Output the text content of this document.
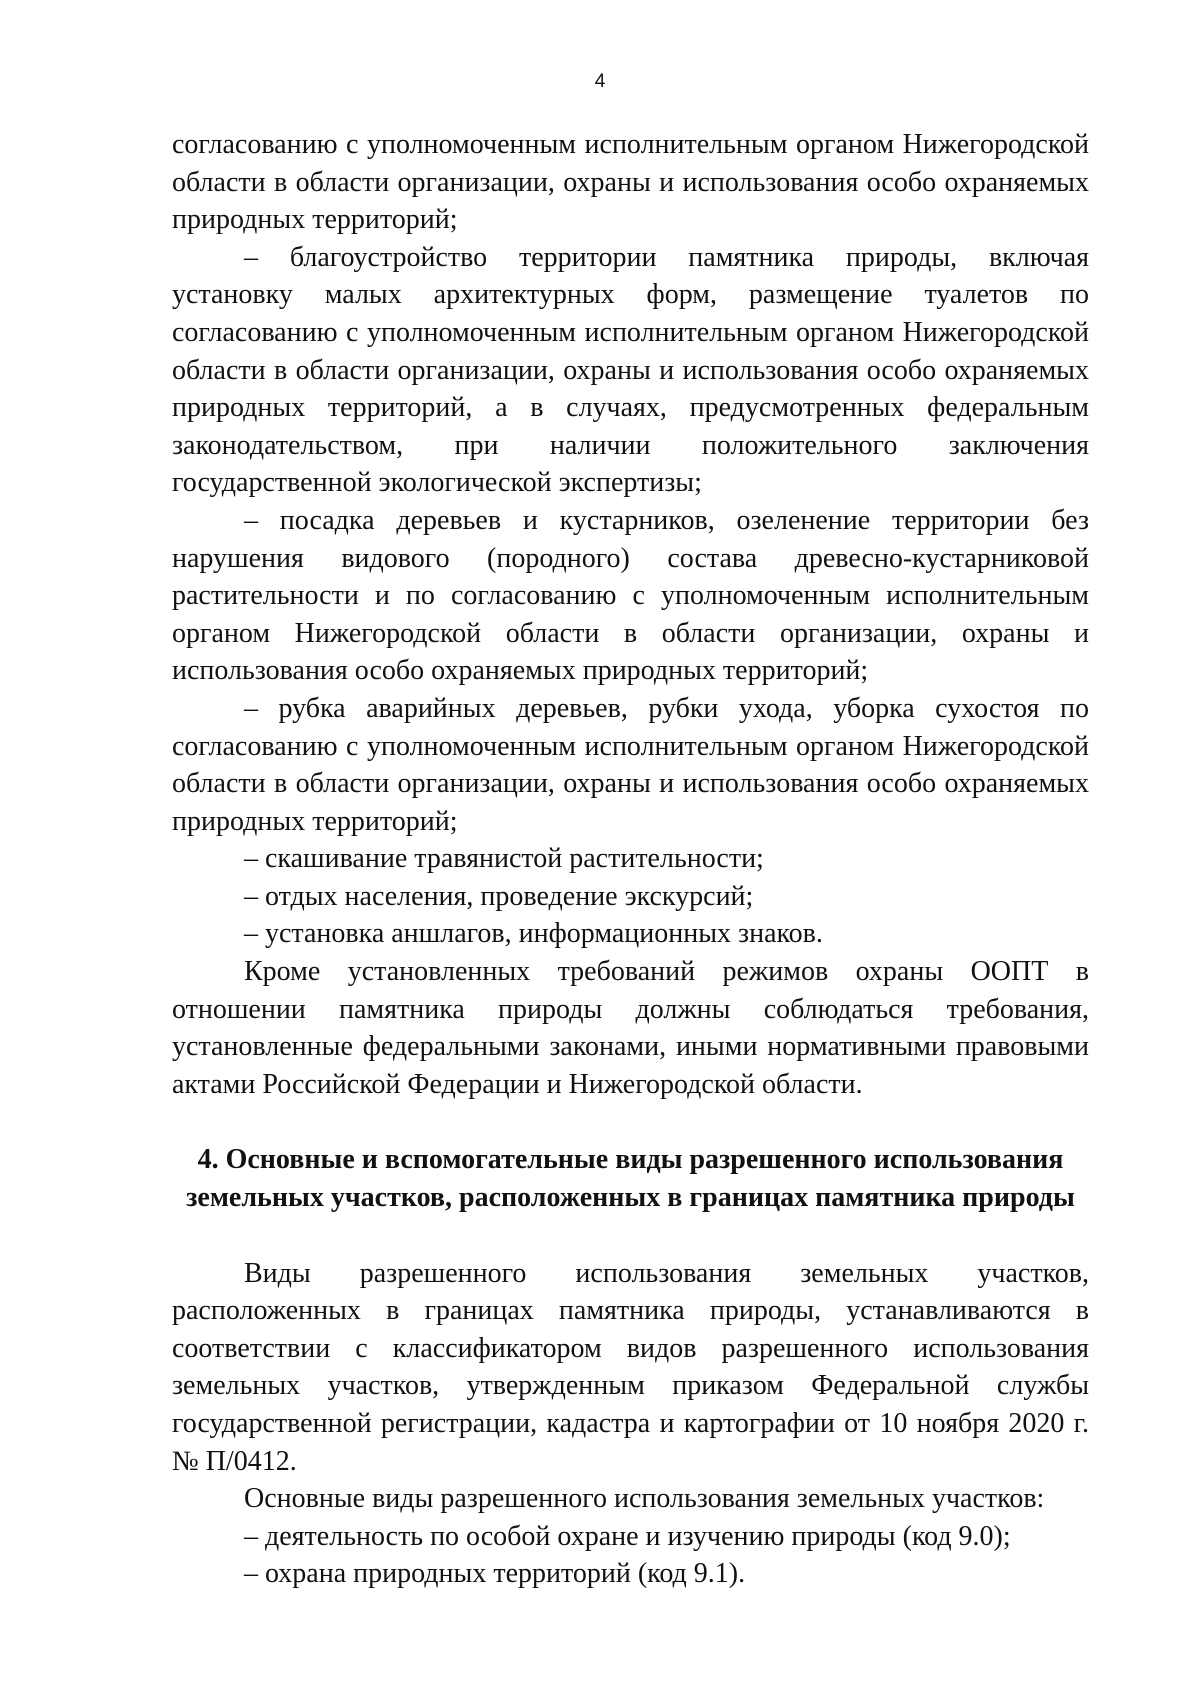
4

согласованию с уполномоченным исполнительным органом Нижегородской области в области организации, охраны и использования особо охраняемых природных территорий;

– благоустройство территории памятника природы, включая установку малых архитектурных форм, размещение туалетов по согласованию с уполномоченным исполнительным органом Нижегородской области в области организации, охраны и использования особо охраняемых природных территорий, а в случаях, предусмотренных федеральным законодательством, при наличии положительного заключения государственной экологической экспертизы;

– посадка деревьев и кустарников, озеленение территории без нарушения видового (породного) состава древесно-кустарниковой растительности и по согласованию с уполномоченным исполнительным органом Нижегородской области в области организации, охраны и использования особо охраняемых природных территорий;

– рубка аварийных деревьев, рубки ухода, уборка сухостоя по согласованию с уполномоченным исполнительным органом Нижегородской области в области организации, охраны и использования особо охраняемых природных территорий;

– скашивание травянистой растительности;

– отдых населения, проведение экскурсий;

– установка аншлагов, информационных знаков.

Кроме установленных требований режимов охраны ООПТ в отношении памятника природы должны соблюдаться требования, установленные федеральными законами, иными нормативными правовыми актами Российской Федерации и Нижегородской области.

4. Основные и вспомогательные виды разрешенного использования земельных участков, расположенных в границах памятника природы

Виды разрешенного использования земельных участков, расположенных в границах памятника природы, устанавливаются в соответствии с классификатором видов разрешенного использования земельных участков, утвержденным приказом Федеральной службы государственной регистрации, кадастра и картографии от 10 ноября 2020 г. № П/0412.

Основные виды разрешенного использования земельных участков:

– деятельность по особой охране и изучению природы (код 9.0);

– охрана природных территорий (код 9.1).
